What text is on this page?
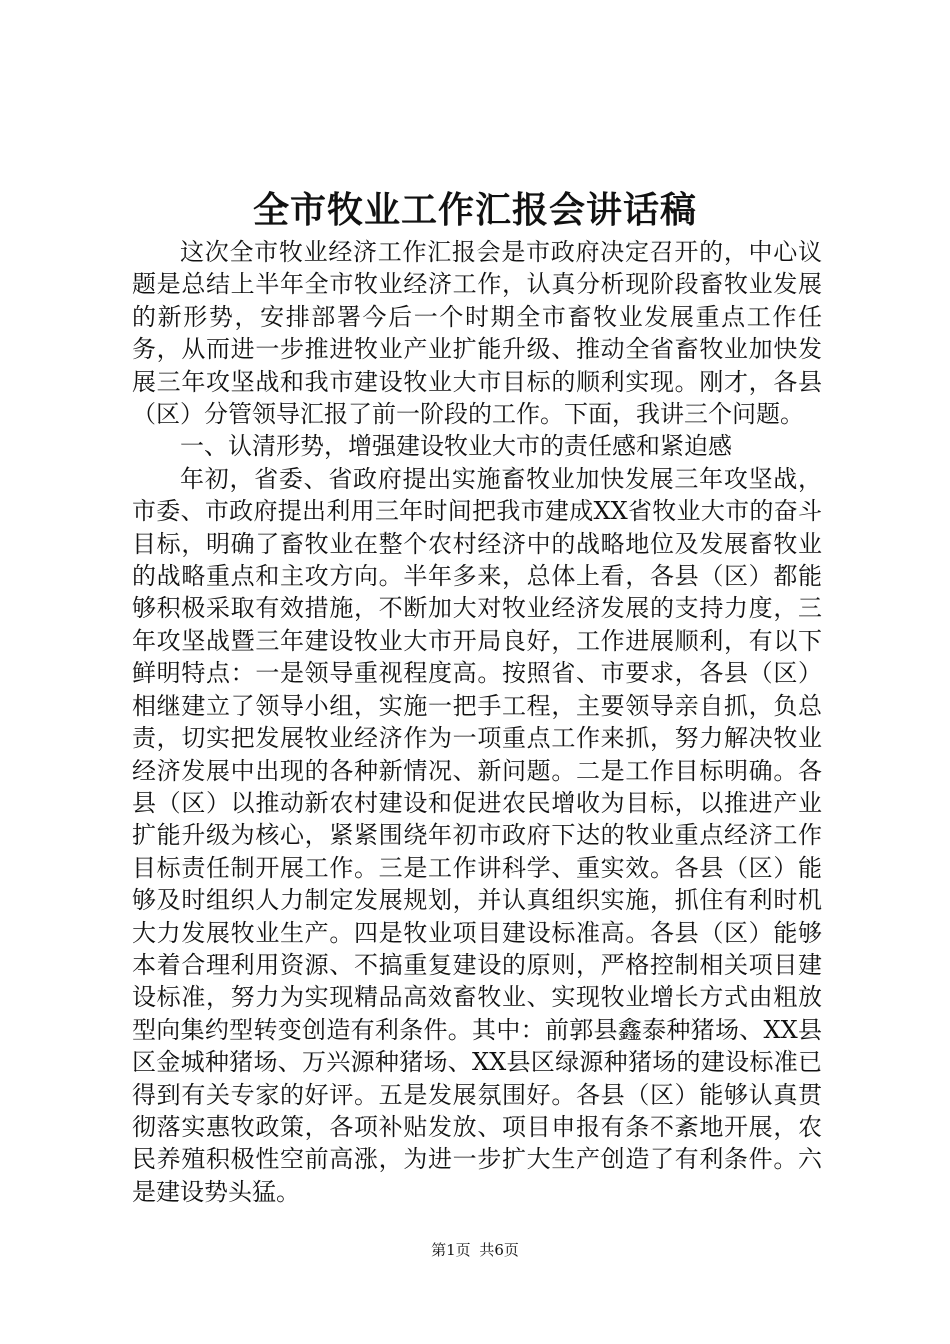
全市牧业工作汇报会讲话稿

这次全市牧业经济工作汇报会是市政府决定召开的，中心议题是总结上半年全市牧业经济工作，认真分析现阶段畜牧业发展的新形势，安排部署今后一个时期全市畜牧业发展重点工作任务，从而进一步推进牧业产业扩能升级、推动全省畜牧业加快发展三年攻坚战和我市建设牧业大市目标的顺利实现。刚才，各县（区）分管领导汇报了前一阶段的工作。下面，我讲三个问题。

一、认清形势，增强建设牧业大市的责任感和紧迫感

年初，省委、省政府提出实施畜牧业加快发展三年攻坚战，市委、市政府提出利用三年时间把我市建成XX省牧业大市的奋斗目标，明确了畜牧业在整个农村经济中的战略地位及发展畜牧业的战略重点和主攻方向。半年多来，总体上看，各县（区）都能够积极采取有效措施，不断加大对牧业经济发展的支持力度，三年攻坚战暨三年建设牧业大市开局良好，工作进展顺利，有以下鲜明特点：一是领导重视程度高。按照省、市要求，各县（区）相继建立了领导小组，实施一把手工程，主要领导亲自抓，负总责，切实把发展牧业经济作为一项重点工作来抓，努力解决牧业经济发展中出现的各种新情况、新问题。二是工作目标明确。各县（区）以推动新农村建设和促进农民增收为目标，以推进产业扩能升级为核心，紧紧围绕年初市政府下达的牧业重点经济工作目标责任制开展工作。三是工作讲科学、重实效。各县（区）能够及时组织人力制定发展规划，并认真组织实施，抓住有利时机大力发展牧业生产。四是牧业项目建设标准高。各县（区）能够本着合理利用资源、不搞重复建设的原则，严格控制相关项目建设标准，努力为实现精品高效畜牧业、实现牧业增长方式由粗放型向集约型转变创造有利条件。其中：前郭县鑫泰种猪场、XX县区金城种猪场、万兴源种猪场、XX县区绿源种猪场的建设标准已得到有关专家的好评。五是发展氛围好。各县（区）能够认真贯彻落实惠牧政策，各项补贴发放、项目申报有条不紊地开展，农民养殖积极性空前高涨，为进一步扩大生产创造了有利条件。六是建设势头猛。

第1页 共6页
